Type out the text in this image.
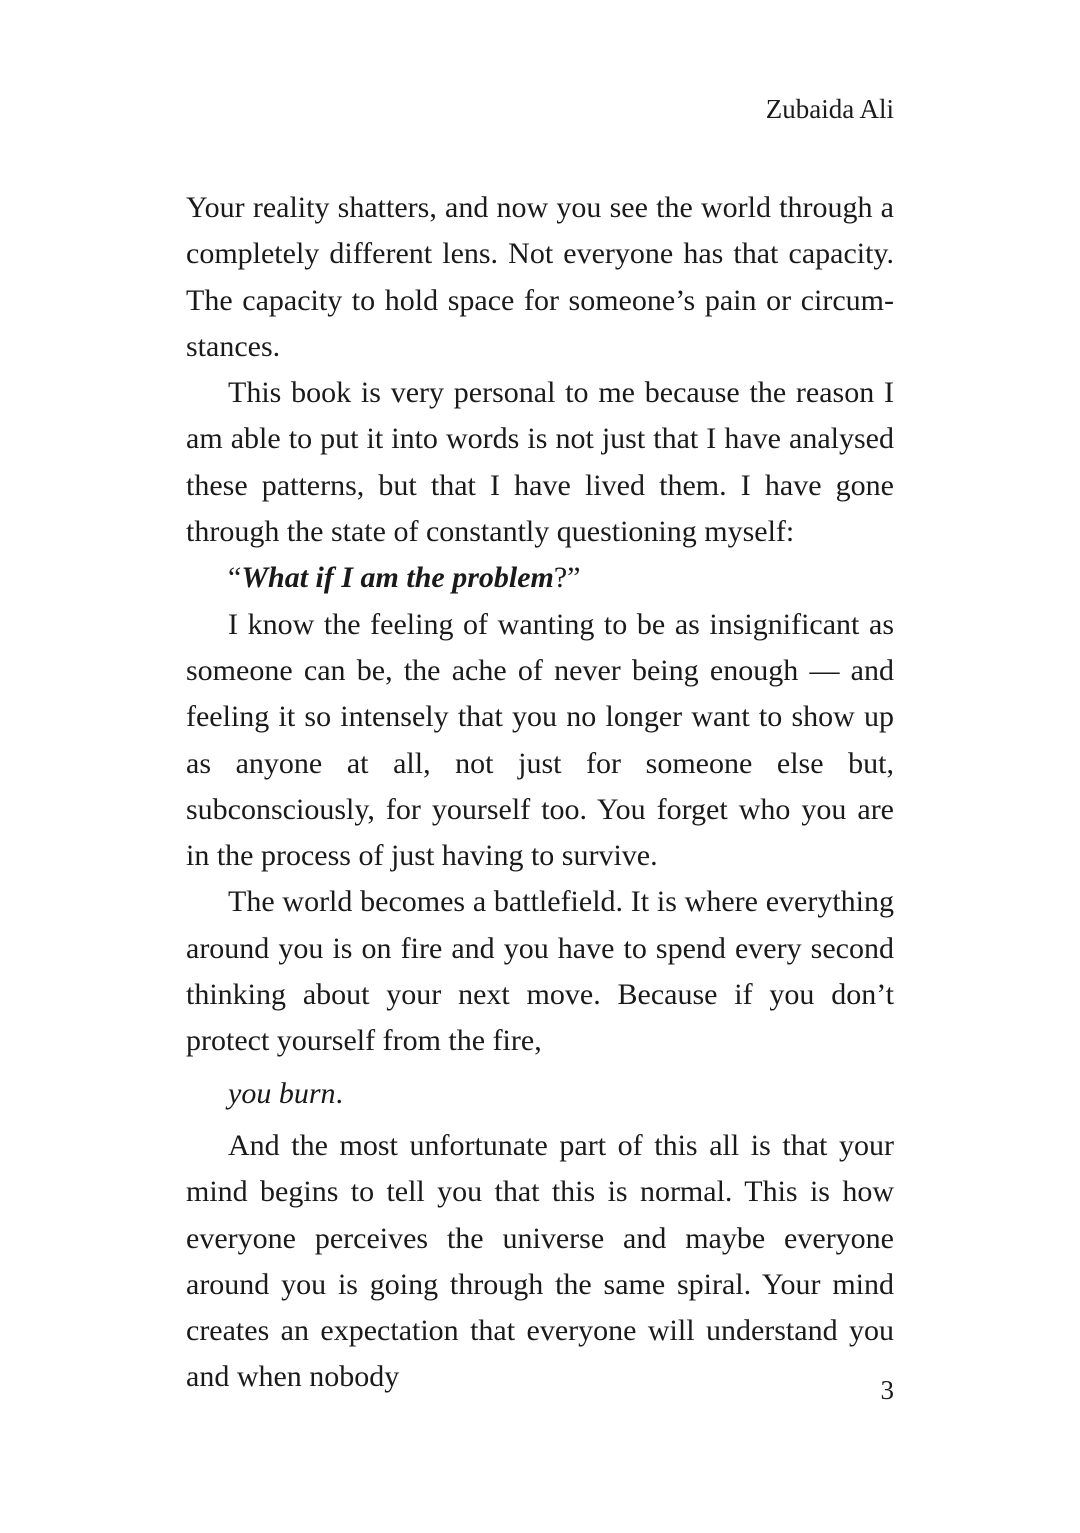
Zubaida Ali

Your reality shatters, and now you see the world through a completely different lens. Not everyone has that capacity. The capacity to hold space for someone’s pain or circumstances.

This book is very personal to me because the reason I am able to put it into words is not just that I have analysed these patterns, but that I have lived them. I have gone through the state of constantly questioning myself:

“What if I am the problem?”

I know the feeling of wanting to be as insignificant as someone can be, the ache of never being enough — and feeling it so intensely that you no longer want to show up as anyone at all, not just for someone else but, subconsciously, for yourself too. You forget who you are in the process of just having to survive.

The world becomes a battlefield. It is where everything around you is on fire and you have to spend every second thinking about your next move. Because if you don’t protect yourself from the fire,

you burn.

And the most unfortunate part of this all is that your mind begins to tell you that this is normal. This is how everyone perceives the universe and maybe everyone around you is going through the same spiral. Your mind creates an expectation that everyone will understand you and when nobody	3
